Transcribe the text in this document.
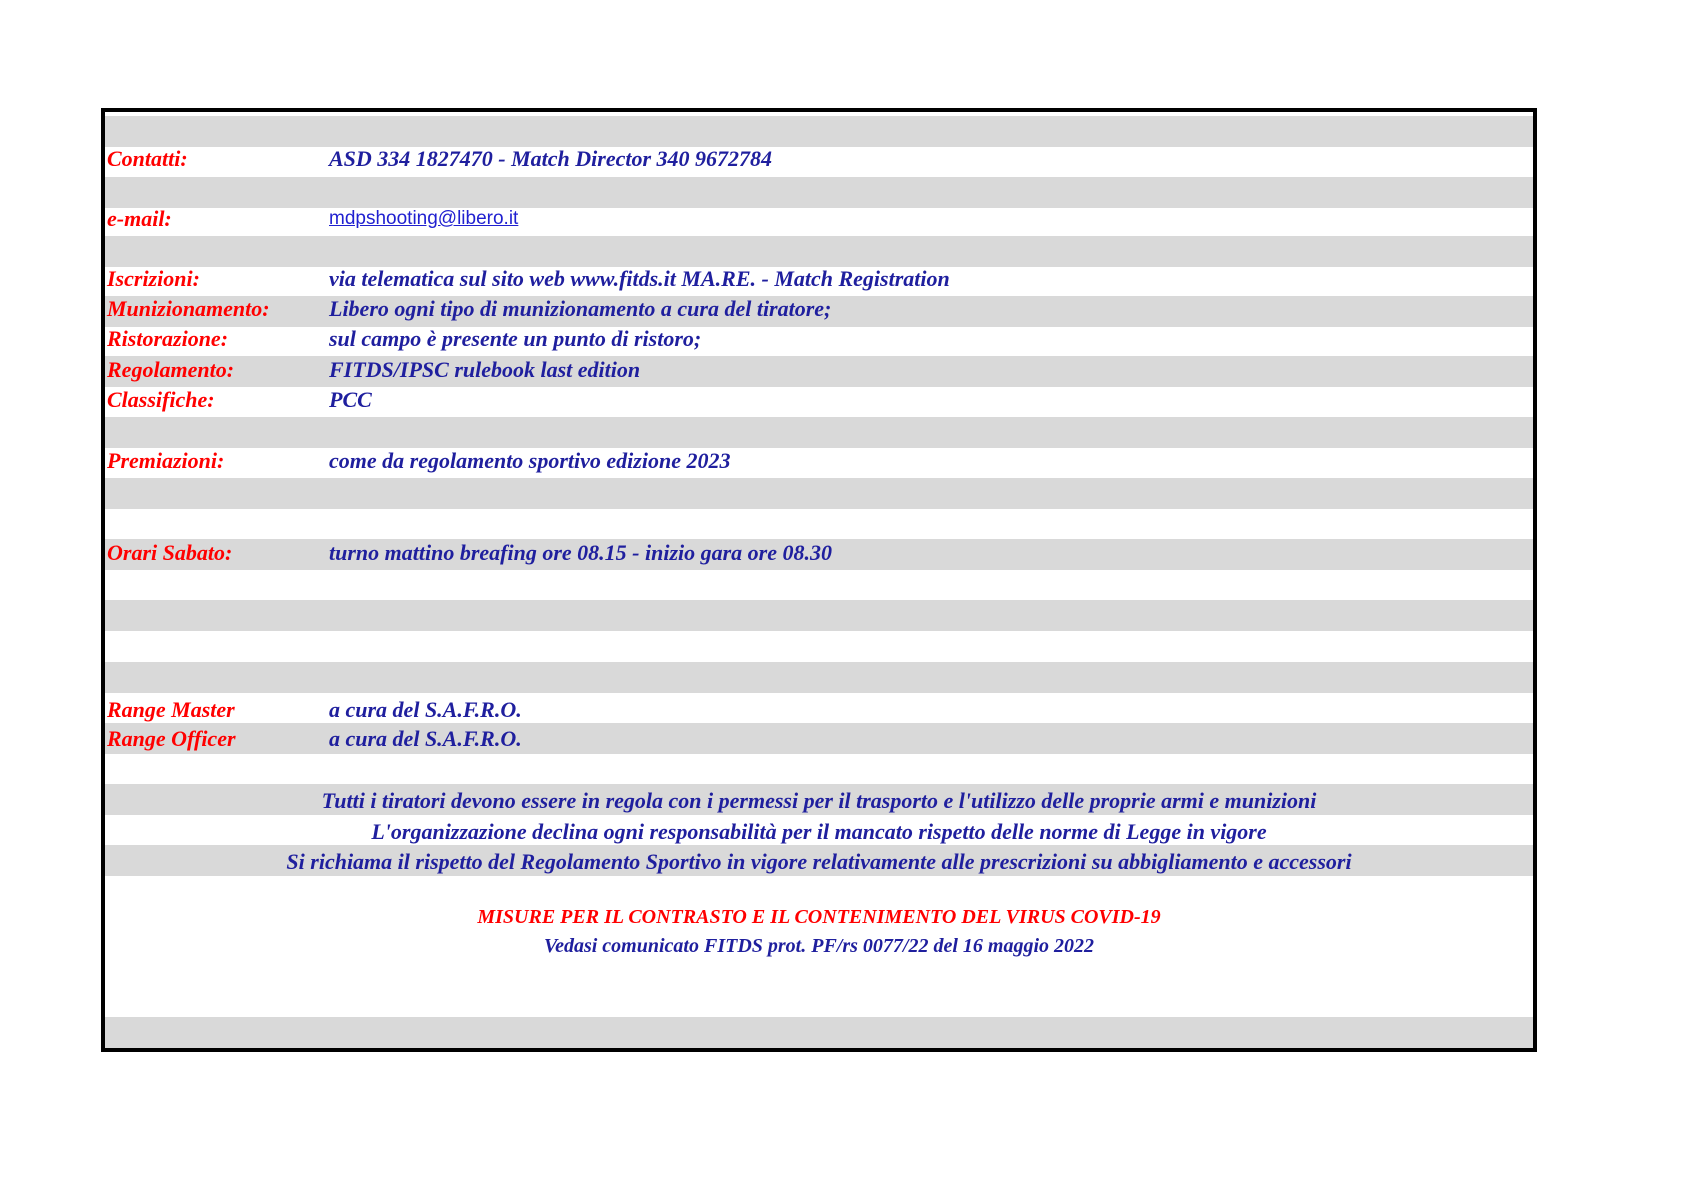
Contatti:	ASD 334 1827470 - Match Director 340 9672784
e-mail:	mdpshooting@libero.it
Iscrizioni:	via telematica sul sito web www.fitds.it MA.RE. - Match Registration
Munizionamento:	Libero ogni tipo di munizionamento a cura del tiratore;
Ristorazione:	sul campo è presente un punto di ristoro;
Regolamento:	FITDS/IPSC rulebook last edition
Classifiche:	PCC
Premiazioni:	come da regolamento sportivo edizione 2023
Orari Sabato:	turno mattino breafing ore 08.15 - inizio gara ore 08.30
Range Master	a cura del S.A.F.R.O.
Range Officer	a cura del S.A.F.R.O.
Tutti i tiratori devono essere in regola con i permessi per il trasporto e l'utilizzo delle proprie armi e munizioni
L'organizzazione declina ogni responsabilità per il mancato rispetto delle norme di Legge in vigore
Si richiama il rispetto del Regolamento Sportivo in vigore relativamente alle prescrizioni su abbigliamento e accessori
MISURE PER IL CONTRASTO E IL CONTENIMENTO DEL VIRUS COVID-19
Vedasi comunicato FITDS prot. PF/rs 0077/22 del 16 maggio 2022
